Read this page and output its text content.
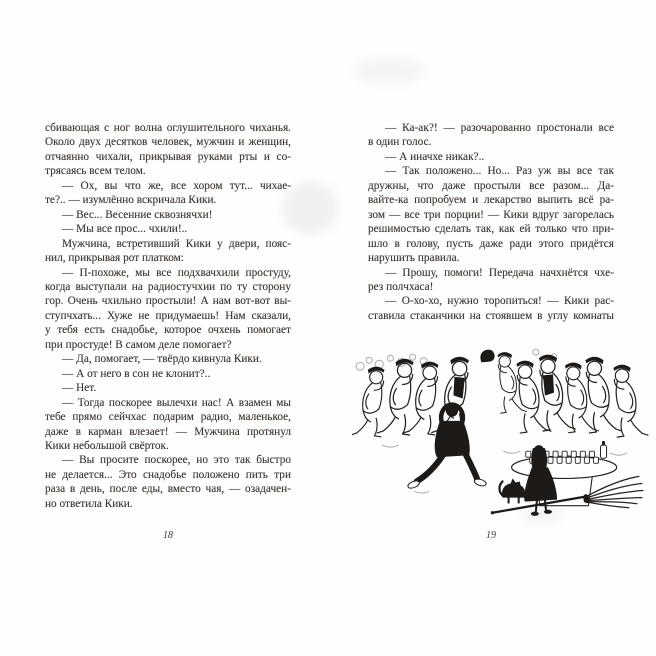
сбивающая с ног волна оглушительного чиханья.
Около двух десятков человек, мужчин и женщин,
отчаянно чихали, прикрывая руками рты и со-
трясаясь всем телом.
— Ох, вы что же, все хором тут... чихае-
те?.. — изумлённо вскричала Кики.
— Вес... Весенние сквознячхи!
— Мы все прос... чхили!..
Мужчина, встретивший Кики у двери, пояс-
нил, прикрывая рот платком:
— П-похоже, мы все подхвачхили простуду,
когда выступали на радиостучхии по ту сторону
гор. Очень чхильно простыли! А нам вот-вот вы-
ступчхать... Хуже не придумаешь! Нам сказали,
у тебя есть снадобье, которое очхень помогает
при простуде! В самом деле помогает?
— Да, помогает, — твёрдо кивнула Кики.
— А от него в сон не клонит?..
— Нет.
— Тогда поскорее вылечхи нас! А взамен мы
тебе прямо сейчхас подарим радио, маленькое,
даже в карман влезает! — Мужчина протянул
Кики небольшой свёрток.
— Вы просите поскорее, но это так быстро
не делается... Это снадобье положено пить три
раза в день, после еды, вместо чая, — озадачен-
но ответила Кики.
18
— Ка-ак?! — разочарованно простонали все
в один голос.
— А иначхе никак?..
— Так положено... Но... Раз уж вы все так
дружны, что даже простыли все разом... Да-
вайте-ка попробуем и лекарство выпить всё ра-
зом — все три порции! — Кики вдруг загорелась
решимостью сделать так, как ей только что при-
шло в голову, пусть даже ради этого придётся
нарушить правила.
— Прошу, помоги! Передача начхнётся чхе-
рез полчхаса!
— О-хо-хо, нужно торопиться! — Кики рас-
ставила стаканчики на стоявшем в углу комнаты
19
